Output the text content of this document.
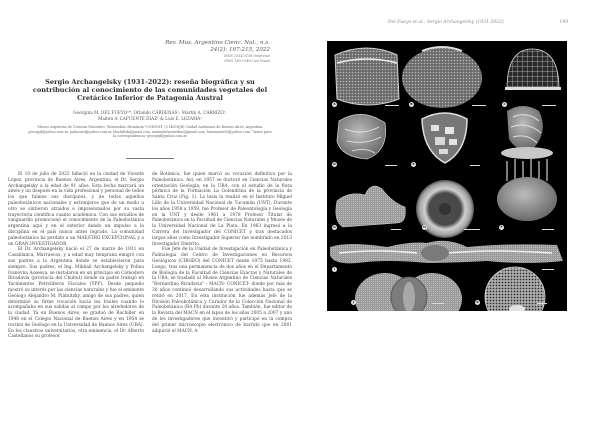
Rev. Mus. Argentino Cienc. Nat., n.s.
24(2): 197-215, 2022
ISSN 1514-5158 (impresa)
ISSN 1853-0400 (en línea)
Sergio Archangelsky (1931-2022): reseña biográfica y su contribución al conocimiento de las comunidades vegetales del Cretácico Inferior de Patagonia Austral
Georgina M. DEL FUEYO¹*, Orlando CÁRDENAS¹, Martín A. CARRIZO¹,
Maiten A. LAFUENTE DIAZ¹ & Luis E. LEZAMA¹
¹Museo Argentino de Ciencias Naturales "Bernardino Rivadavia"-CONICET, (C1405DJR) Ciudad Autónoma de Buenos Aires. Argentina. georgiдf@yahoo.com.ar, palinoard@yahoo.com.ar, blackdisk@gmail.com, maitenlafuentediaz@gmail.com, luisemarte65@yahoo.com. *Autor para la correspondencia: georgiдf@yahoo.com.ar

El 10 de julio de 2022 falleció en la ciudad de Vicente López, provincia de Buenos Aires, Argentina, el Dr. Sergio Archangelsky a la edad de 91 años. Esta fecha marcará un antes y un después en la vida profesional y personal de todos los que fuimos sus discípulos, y de todos aquellos paleobotánicos nacionales y extranjeros que de un modo u otro se sintieron atraídos e impresionados por su vasta trayectoria científica cuanto académica. Con sus estudios de vanguardia promocionó el conocimiento de la Paleobotánica argentina aquí y en el exterior dando un impulso a la disciplina en el país nunca antes logrado. La comunidad paleobotánica ha perdido a un MAESTRO EXCEPCIONAL y a un GRAN INVESTIGADOR.

El Dr. Archangelsky nació el 27 de marzo de 1931 en Casablanca, Marruecos, y a edad muy temprana emigró con sus padres a la Argentina donde se establecieron para siempre. Sus padres, el Ing. Mikhail Archangelsky y Polina Ivanovna Asseeva, se instalaron en un principio en Comodoro Rivadavia (provincia del Chubut) donde su padre trabajó en Yacimientos Petrolíferos Fiscales (YPF). Desde pequeño mostró su interés por las ciencias naturales y fue el eminente Geólogo Alejandro M. Piátnitzky, amigo de sus padres, quien determinó su firme vocación hacia los fósiles cuando lo acompañaba en sus salidas al campo por los alrededores de la ciudad. Ya en Buenos Aires, se graduó de Bachiller en 1948 en el Colegio Nacional de Buenos Aires y en 1954 se recibió de Geólogo en la Universidad de Buenos Aires (UBA). En los claustros universitarios, otra eminencia, el Dr. Alberto Castellanos su profesor

de Botánica, fue quien marcó su vocación definitiva por la Paleobotánica. Así, en 1957 se doctoró en Ciencias Naturales orientación Geología, en la UBA, con el estudio de la flora pérmica de la Formación La Golondrina de la provincia de Santa Cruz (Fig. 1). La tesis la realizó en el Instituto Miguel Lillo de la Universidad Nacional de Tucumán (UNT). Durante los años 1958 a 1959, fue Profesor de Paleontología y Geología en la UNT y desde 1961 a 1978 Profesor Titular de Paleobotánica en la Facultad de Ciencias Naturales y Museo de la Universidad Nacional de La Plata. En 1963 ingresó a la Carrera del Investigador del CONICET y tras destacados largos años como Investigador Superior fue nombrado en 2013 Investigador Emérito.

Fue Jefe de la Unidad de Investigación en Paleobotánica y Palinología del Centro de Investigaciones en Recursos Geológicos (CIRGEO) del CONICET desde 1975 hasta 1982. Luego, tras una permanencia de dos años en el Departamento de Biología de la Facultad de Ciencias Exactas y Naturales de la UBA, se trasladó al Museo Argentino de Ciencias Naturales "Bernardino Rivadavia" - MACN- CONICET- donde por más de 30 años continuó desarrollando sus actividades hasta que se retiró en 2017. En esta institución fue además Jefe de la División Paleobotánica y Curador de la Colección Nacional de Paleobotánica (BA Pb) durante 20 años. También, fue editor de la Revista del MACN en el lapso de los años 2005 a 2007 y uno de los investigadores que incentivó y participó en la compra del primer microscopio electrónico de barrido que en 2001 adquirió el MACN. A

Del Fueyo et al.: Sergio Archangelsky (1931-2022)	199
A	B	C
D	E
F
G	H
I
J	K
